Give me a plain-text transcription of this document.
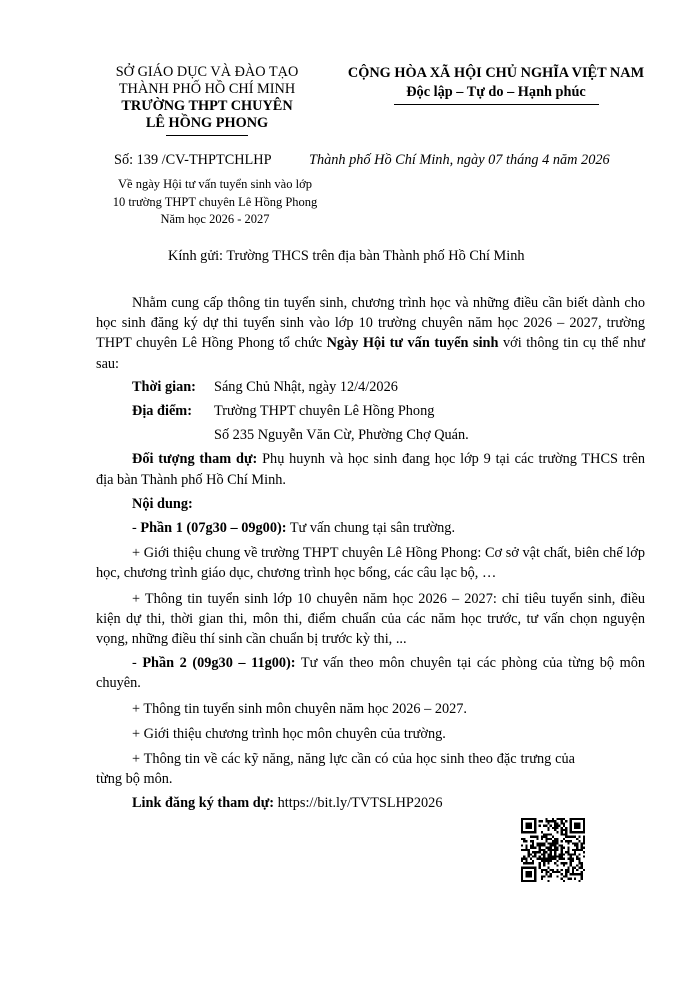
SỞ GIÁO DỤC VÀ ĐÀO TẠO
THÀNH PHỐ HỒ CHÍ MINH
TRƯỜNG THPT CHUYÊN
LÊ HỒNG PHONG
CỘNG HÒA XÃ HỘI CHỦ NGHĨA VIỆT NAM
Độc lập – Tự do – Hạnh phúc
Số: 139 /CV-THPTCHLHP	Thành phố Hồ Chí Minh, ngày 07 tháng 4 năm 2026
Về ngày Hội tư vấn tuyển sinh vào lớp
10 trường THPT chuyên Lê Hồng Phong
Năm học 2026 - 2027
Kính gửi: Trường THCS trên địa bàn Thành phố Hồ Chí Minh

Nhằm cung cấp thông tin tuyển sinh, chương trình học và những điều cần biết dành cho học sinh đăng ký dự thi tuyển sinh vào lớp 10 trường chuyên năm học 2026 – 2027, trường THPT chuyên Lê Hồng Phong tổ chức Ngày Hội tư vấn tuyển sinh với thông tin cụ thể như sau:

Thời gian:	Sáng Chủ Nhật, ngày 12/4/2026
Địa điểm:	Trường THPT chuyên Lê Hồng Phong
Số 235 Nguyễn Văn Cừ, Phường Chợ Quán.

Đối tượng tham dự: Phụ huynh và học sinh đang học lớp 9 tại các trường THCS trên địa bàn Thành phố Hồ Chí Minh.

Nội dung:

- Phần 1 (07g30 – 09g00): Tư vấn chung tại sân trường.

+ Giới thiệu chung về trường THPT chuyên Lê Hồng Phong: Cơ sở vật chất, biên chế lớp học, chương trình giáo dục, chương trình học bổng, các câu lạc bộ, …

+ Thông tin tuyển sinh lớp 10 chuyên năm học 2026 – 2027: chỉ tiêu tuyển sinh, điều kiện dự thi, thời gian thi, môn thi, điểm chuẩn của các năm học trước, tư vấn chọn nguyện vọng, những điều thí sinh cần chuẩn bị trước kỳ thi, ...

- Phần 2 (09g30 – 11g00): Tư vấn theo môn chuyên tại các phòng của từng bộ môn chuyên.

+ Thông tin tuyển sinh môn chuyên năm học 2026 – 2027.

+ Giới thiệu chương trình học môn chuyên của trường.

+ Thông tin về các kỹ năng, năng lực cần có của học sinh theo đặc trưng của từng bộ môn.

Link đăng ký tham dự: https://bit.ly/TVTSLHP2026
